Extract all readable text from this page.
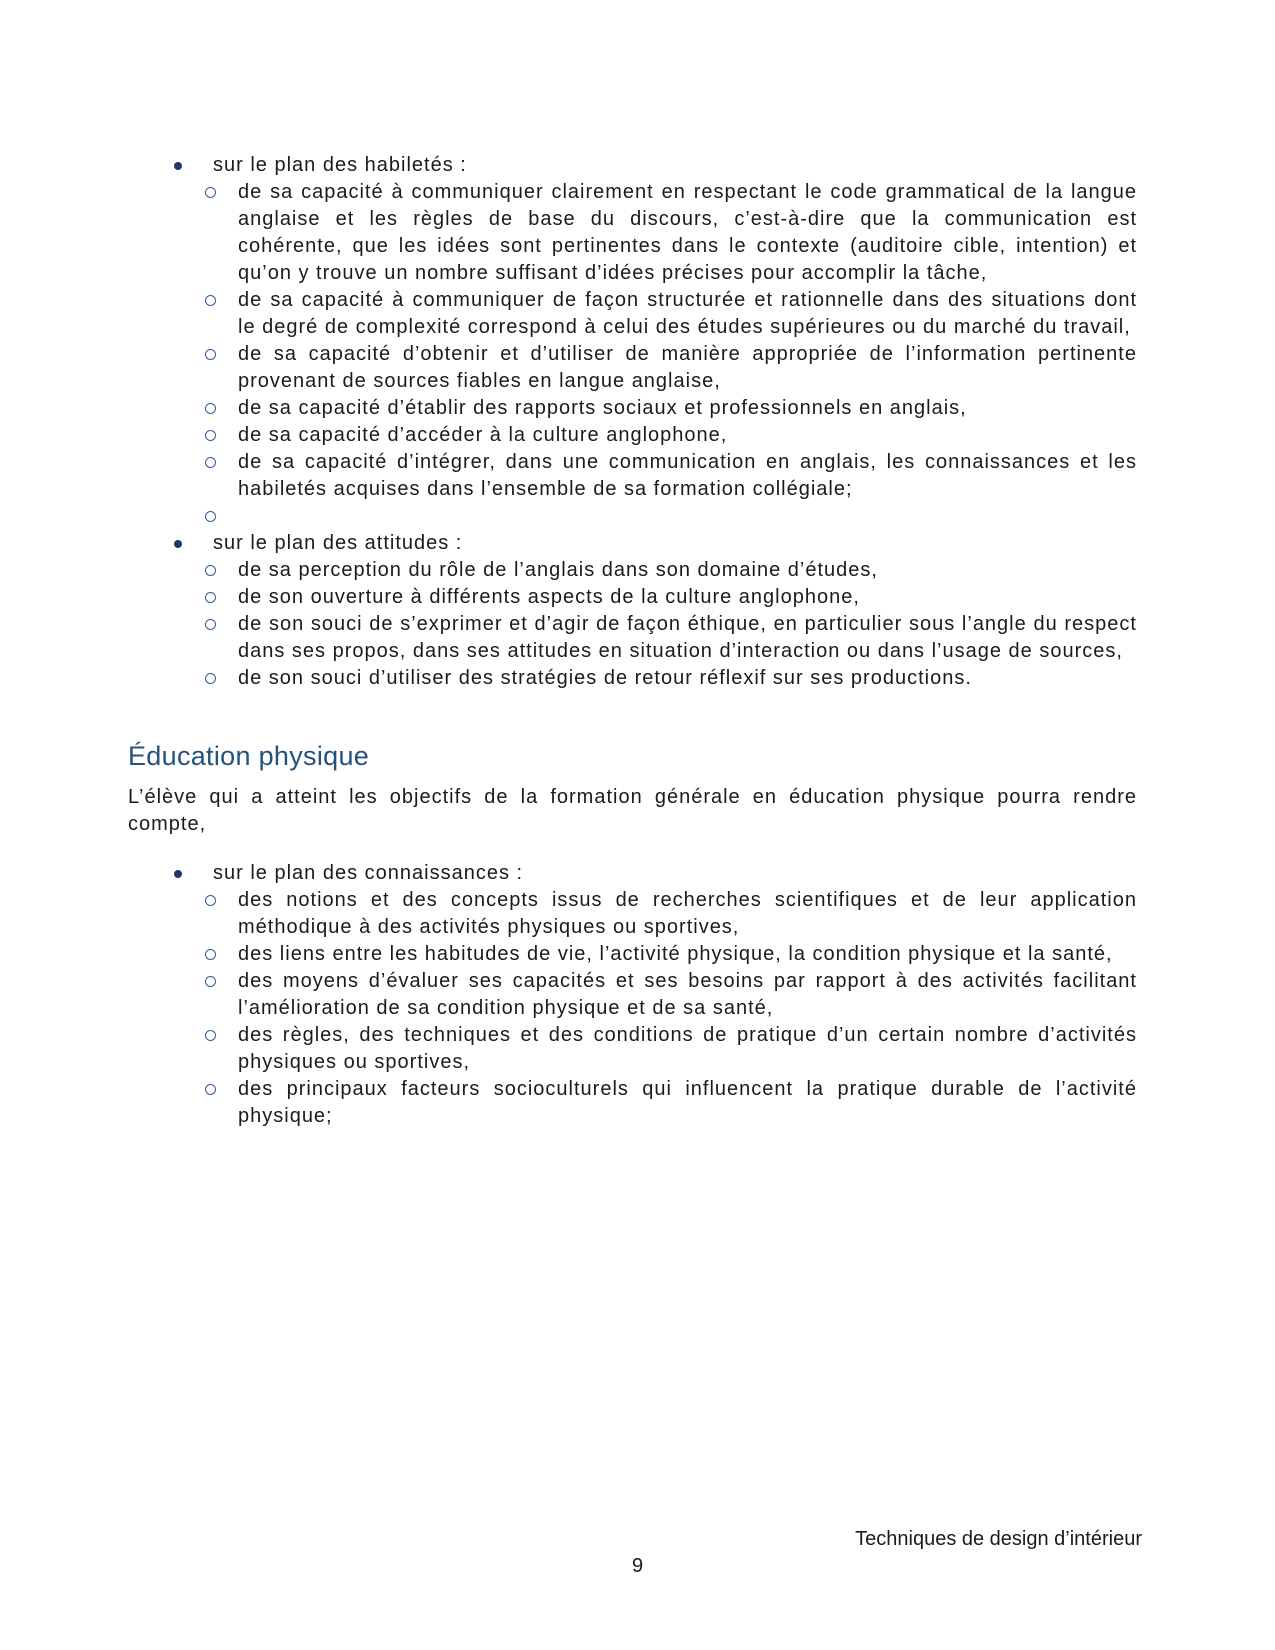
sur le plan des habiletés :
de sa capacité à communiquer clairement en respectant le code grammatical de la langue anglaise et les règles de base du discours, c’est-à-dire que la communication est cohérente, que les idées sont pertinentes dans le contexte (auditoire cible, intention) et qu’on y trouve un nombre suffisant d’idées précises pour accomplir la tâche,
de sa capacité à communiquer de façon structurée et rationnelle dans des situations dont le degré de complexité correspond à celui des études supérieures ou du marché du travail,
de sa capacité d’obtenir et d’utiliser de manière appropriée de l’information pertinente provenant de sources fiables en langue anglaise,
de sa capacité d’établir des rapports sociaux et professionnels en anglais,
de sa capacité d’accéder à la culture anglophone,
de sa capacité d’intégrer, dans une communication en anglais, les connaissances et les habiletés acquises dans l’ensemble de sa formation collégiale;
sur le plan des attitudes :
de sa perception du rôle de l’anglais dans son domaine d’études,
de son ouverture à différents aspects de la culture anglophone,
de son souci de s’exprimer et d’agir de façon éthique, en particulier sous l’angle du respect dans ses propos, dans ses attitudes en situation d’interaction ou dans l’usage de sources,
de son souci d’utiliser des stratégies de retour réflexif sur ses productions.
Éducation physique

L’élève qui a atteint les objectifs de la formation générale en éducation physique pourra rendre compte,

sur le plan des connaissances :
des notions et des concepts issus de recherches scientifiques et de leur application méthodique à des activités physiques ou sportives,
des liens entre les habitudes de vie, l’activité physique, la condition physique et la santé,
des moyens d’évaluer ses capacités et ses besoins par rapport à des activités facilitant l’amélioration de sa condition physique et de sa santé,
des règles, des techniques et des conditions de pratique d’un certain nombre d’activités physiques ou sportives,
des principaux facteurs socioculturels qui influencent la pratique durable de l’activité physique;
Techniques de design d’intérieur
9
